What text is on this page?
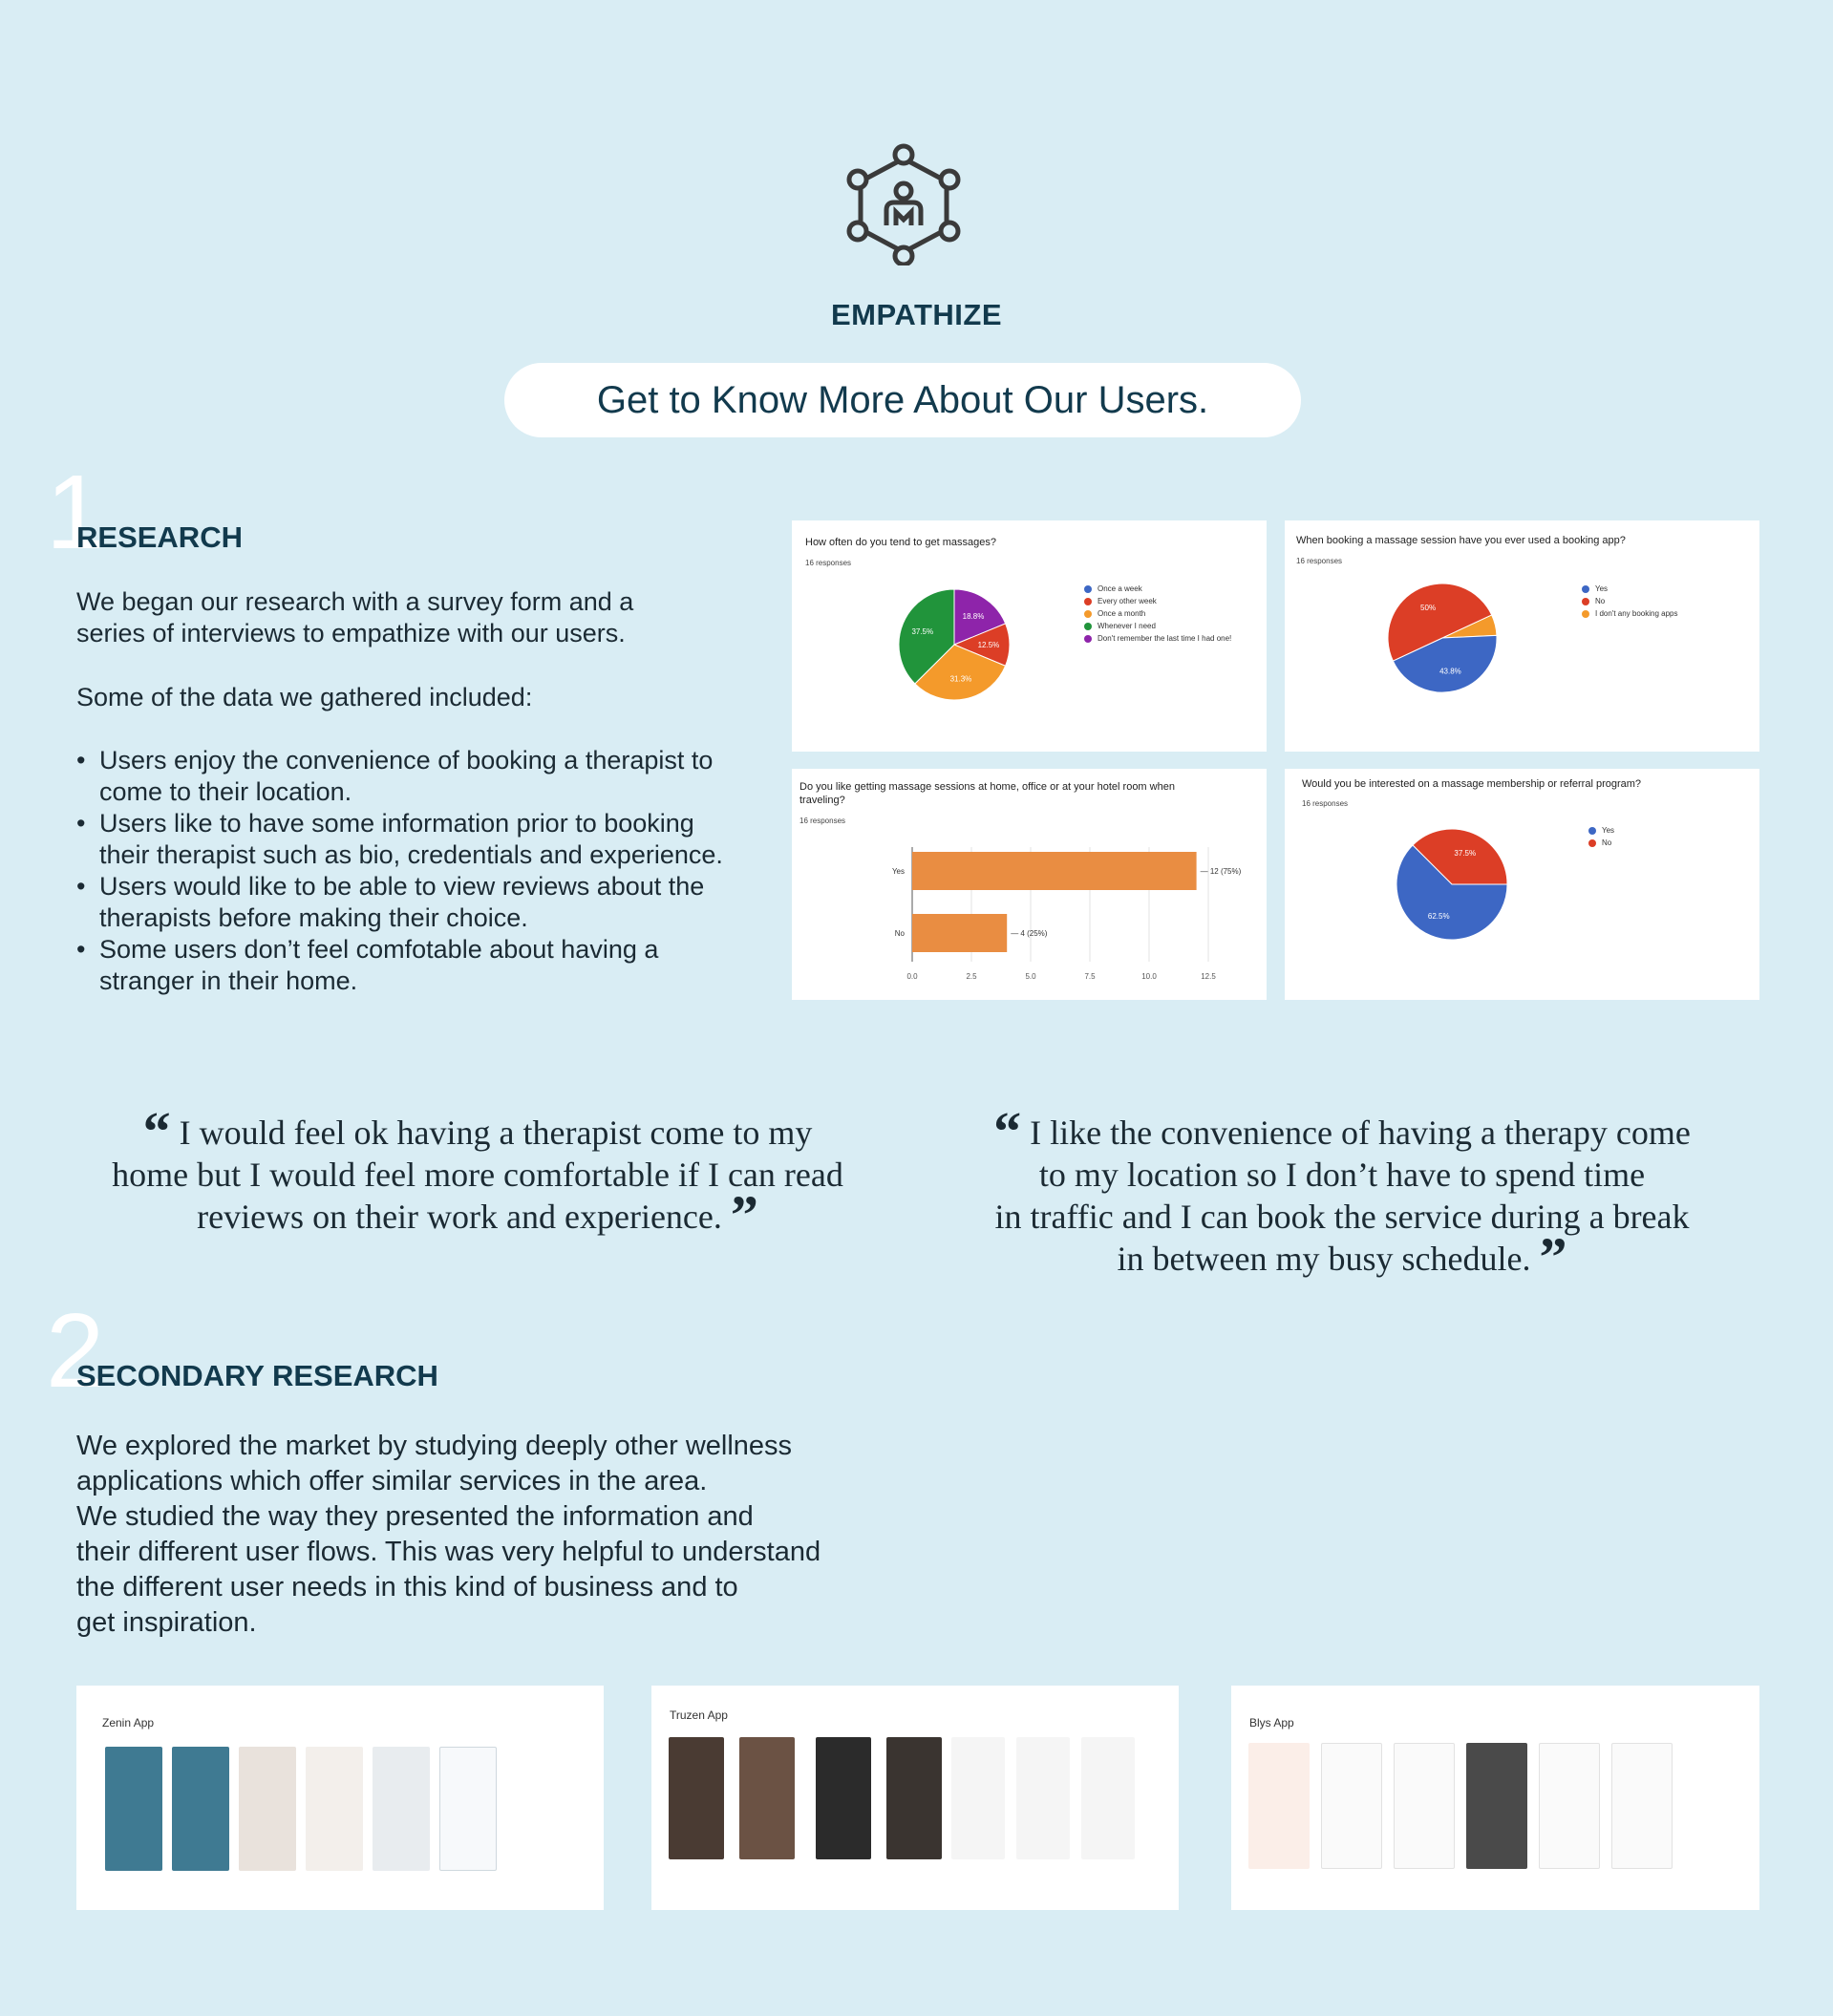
EMPATHIZE
Get to Know More About Our Users.
1
RESEARCH
We began our research with a survey form and a
series of interviews to empathize with our users.
Some of the data we gathered included:
• Users enjoy the convenience of booking a therapist to
come to their location.
• Users like to have some information prior to booking
their therapist such as bio, credentials and experience.
• Users would like to be able to view reviews about the
therapists before making their choice.
• Some users don’t feel comfotable about having a
stranger in their home.
How often do you tend to get massages?
16 responses
18.8%
12.5%
31.3%
37.5%
Once a week
Every other week
Once a month
Whenever I need
Don't remember the last time I had one!
When booking a massage session have you ever used a booking app?
16 responses
43.8%
50%
Yes
No
I don't any booking apps
Do you like getting massage sessions at home, office or at your hotel room when
traveling?
16 responses
0.0	2.5	5.0	7.5	10.0	12.5
Yes	— 12 (75%)
No	— 4 (25%)
Would you be interested on a massage membership or referral program?
16 responses
37.5%
62.5%
Yes
No
“ I would feel ok having a therapist come to my
home but I would feel more comfortable if I can read
reviews on their work and experience. ”
“ I like the convenience of having a therapy come
to my location so I don’t have to spend time
in traffic and I can book the service during a break
in between my busy schedule. ”
2
SECONDARY RESEARCH
We explored the market by studying deeply other wellness
applications which offer similar services in the area.
We studied the way they presented the information and
their different user flows. This was very helpful to understand
the different user needs in this kind of business and to
get inspiration.
Zenin App
Truzen App
Blys App
